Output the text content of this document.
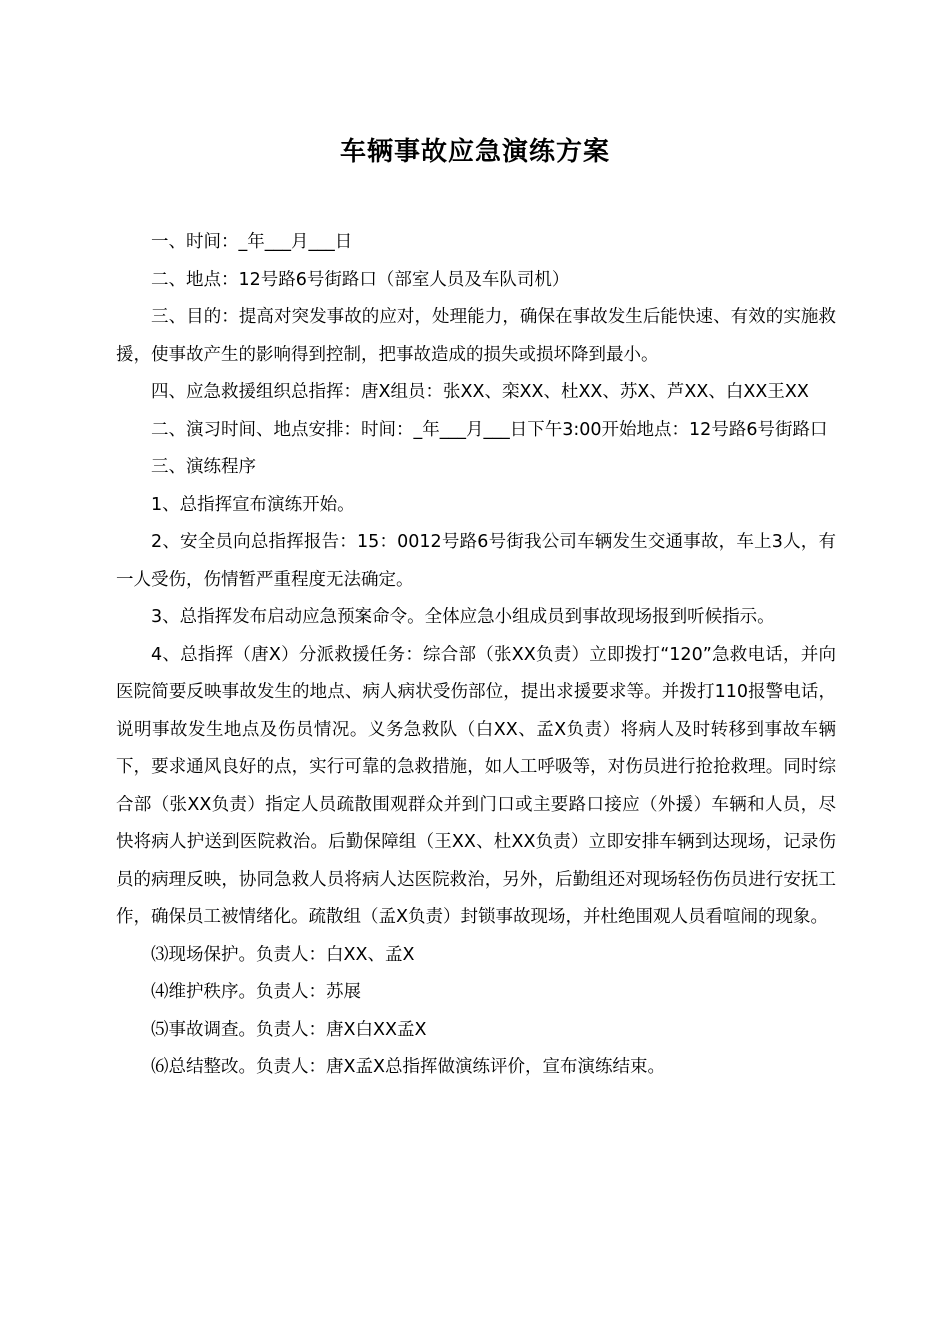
车辆事故应急演练方案

一、时间：_年___月___日

二、地点：12号路6号街路口（部室人员及车队司机）

三、目的：提高对突发事故的应对，处理能力，确保在事故发生后能快速、有效的实施救援，使事故产生的影响得到控制，把事故造成的损失或损坏降到最小。

四、应急救援组织总指挥：唐X组员：张XX、栾XX、杜XX、苏X、芦XX、白XX王XX

二、演习时间、地点安排：时间：_年___月___日下午3:00开始地点：12号路6号街路口

三、演练程序

1、总指挥宣布演练开始。

2、安全员向总指挥报告：15：0012号路6号街我公司车辆发生交通事故，车上3人，有一人受伤，伤情暂严重程度无法确定。

3、总指挥发布启动应急预案命令。全体应急小组成员到事故现场报到听候指示。

4、总指挥（唐X）分派救援任务：综合部（张XX负责）立即拨打“120”急救电话，并向医院简要反映事故发生的地点、病人病状受伤部位，提出求援要求等。并拨打110报警电话，说明事故发生地点及伤员情况。义务急救队（白XX、孟X负责）将病人及时转移到事故车辆下，要求通风良好的点，实行可靠的急救措施，如人工呼吸等，对伤员进行抢抢救理。同时综合部（张XX负责）指定人员疏散围观群众并到门口或主要路口接应（外援）车辆和人员，尽快将病人护送到医院救治。后勤保障组（王XX、杜XX负责）立即安排车辆到达现场，记录伤员的病理反映，协同急救人员将病人达医院救治，另外，后勤组还对现场轻伤伤员进行安抚工作，确保员工被情绪化。疏散组（孟X负责）封锁事故现场，并杜绝围观人员看喧闹的现象。

⑶现场保护。负责人：白XX、孟X

⑷维护秩序。负责人：苏展

⑸事故调查。负责人：唐X白XX孟X

⑹总结整改。负责人：唐X孟X总指挥做演练评价，宣布演练结束。
